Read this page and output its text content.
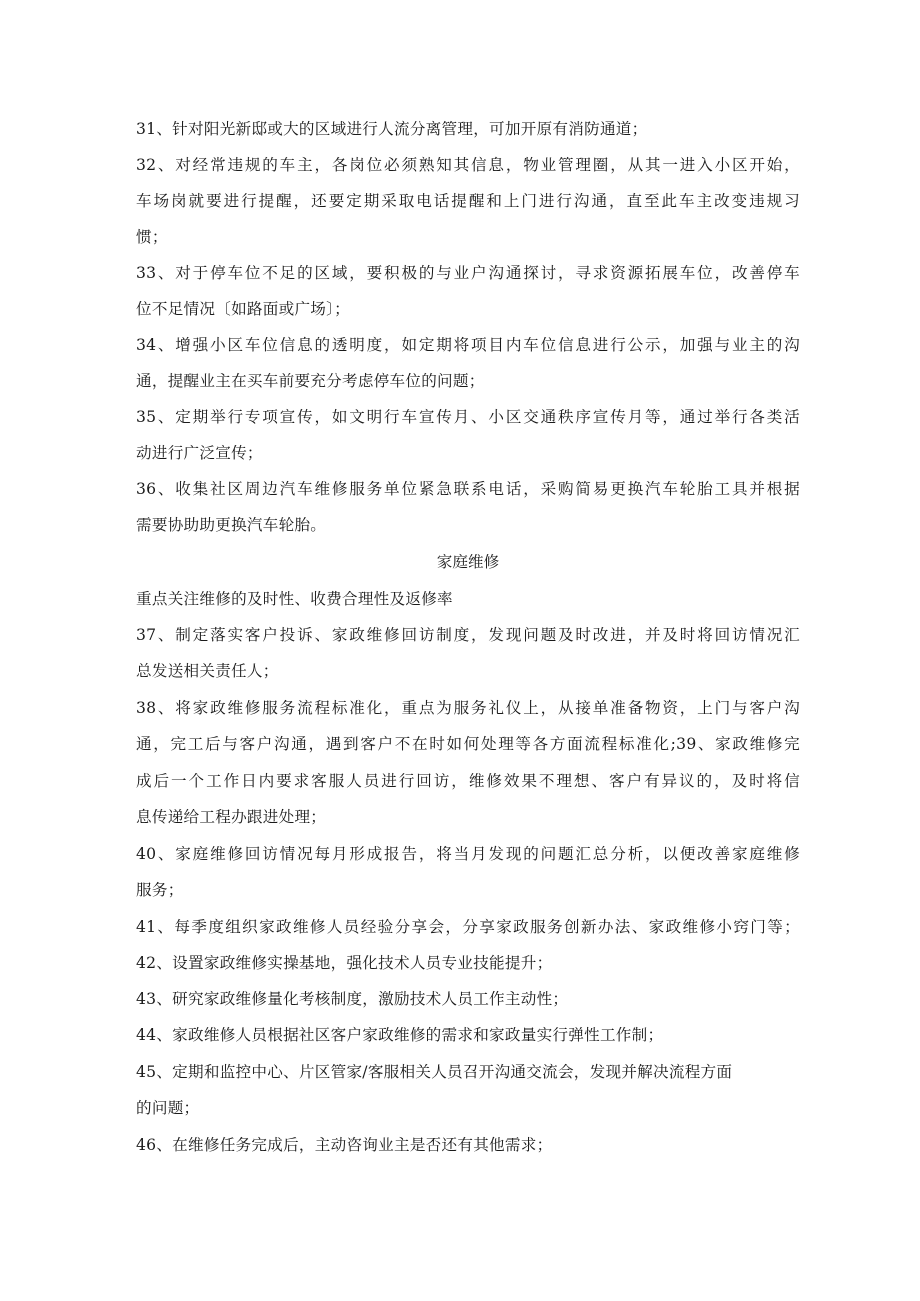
31、针对阳光新邸或大的区域进行人流分离管理，可加开原有消防通道；
32、对经常违规的车主，各岗位必须熟知其信息，物业管理圈，从其一进入小区开始，
车场岗就要进行提醒，还要定期采取电话提醒和上门进行沟通，直至此车主改变违规习
惯；
33、对于停车位不足的区域，要积极的与业户沟通探讨，寻求资源拓展车位，改善停车
位不足情况〔如路面或广场〕；
34、增强小区车位信息的透明度，如定期将项目内车位信息进行公示，加强与业主的沟
通，提醒业主在买车前要充分考虑停车位的问题；
35、定期举行专项宣传，如文明行车宣传月、小区交通秩序宣传月等，通过举行各类活
动进行广泛宣传；
36、收集社区周边汽车维修服务单位紧急联系电话，采购简易更换汽车轮胎工具并根据
需要协助助更换汽车轮胎。
家庭维修
重点关注维修的及时性、收费合理性及返修率
37、制定落实客户投诉、家政维修回访制度，发现问题及时改进，并及时将回访情况汇
总发送相关责任人；
38、将家政维修服务流程标准化，重点为服务礼仪上，从接单准备物资，上门与客户沟
通，完工后与客户沟通，遇到客户不在时如何处理等各方面流程标准化;39、家政维修完
成后一个工作日内要求客服人员进行回访，维修效果不理想、客户有异议的，及时将信
息传递给工程办跟进处理；
40、家庭维修回访情况每月形成报告，将当月发现的问题汇总分析，以便改善家庭维修
服务；
41、每季度组织家政维修人员经验分享会，分享家政服务创新办法、家政维修小窍门等；
42、设置家政维修实操基地，强化技术人员专业技能提升；
43、研究家政维修量化考核制度，激励技术人员工作主动性；
44、家政维修人员根据社区客户家政维修的需求和家政量实行弹性工作制；
45、定期和监控中心、片区管家/客服相关人员召开沟通交流会，发现并解决流程方面
的问题；
46、在维修任务完成后，主动咨询业主是否还有其他需求；
